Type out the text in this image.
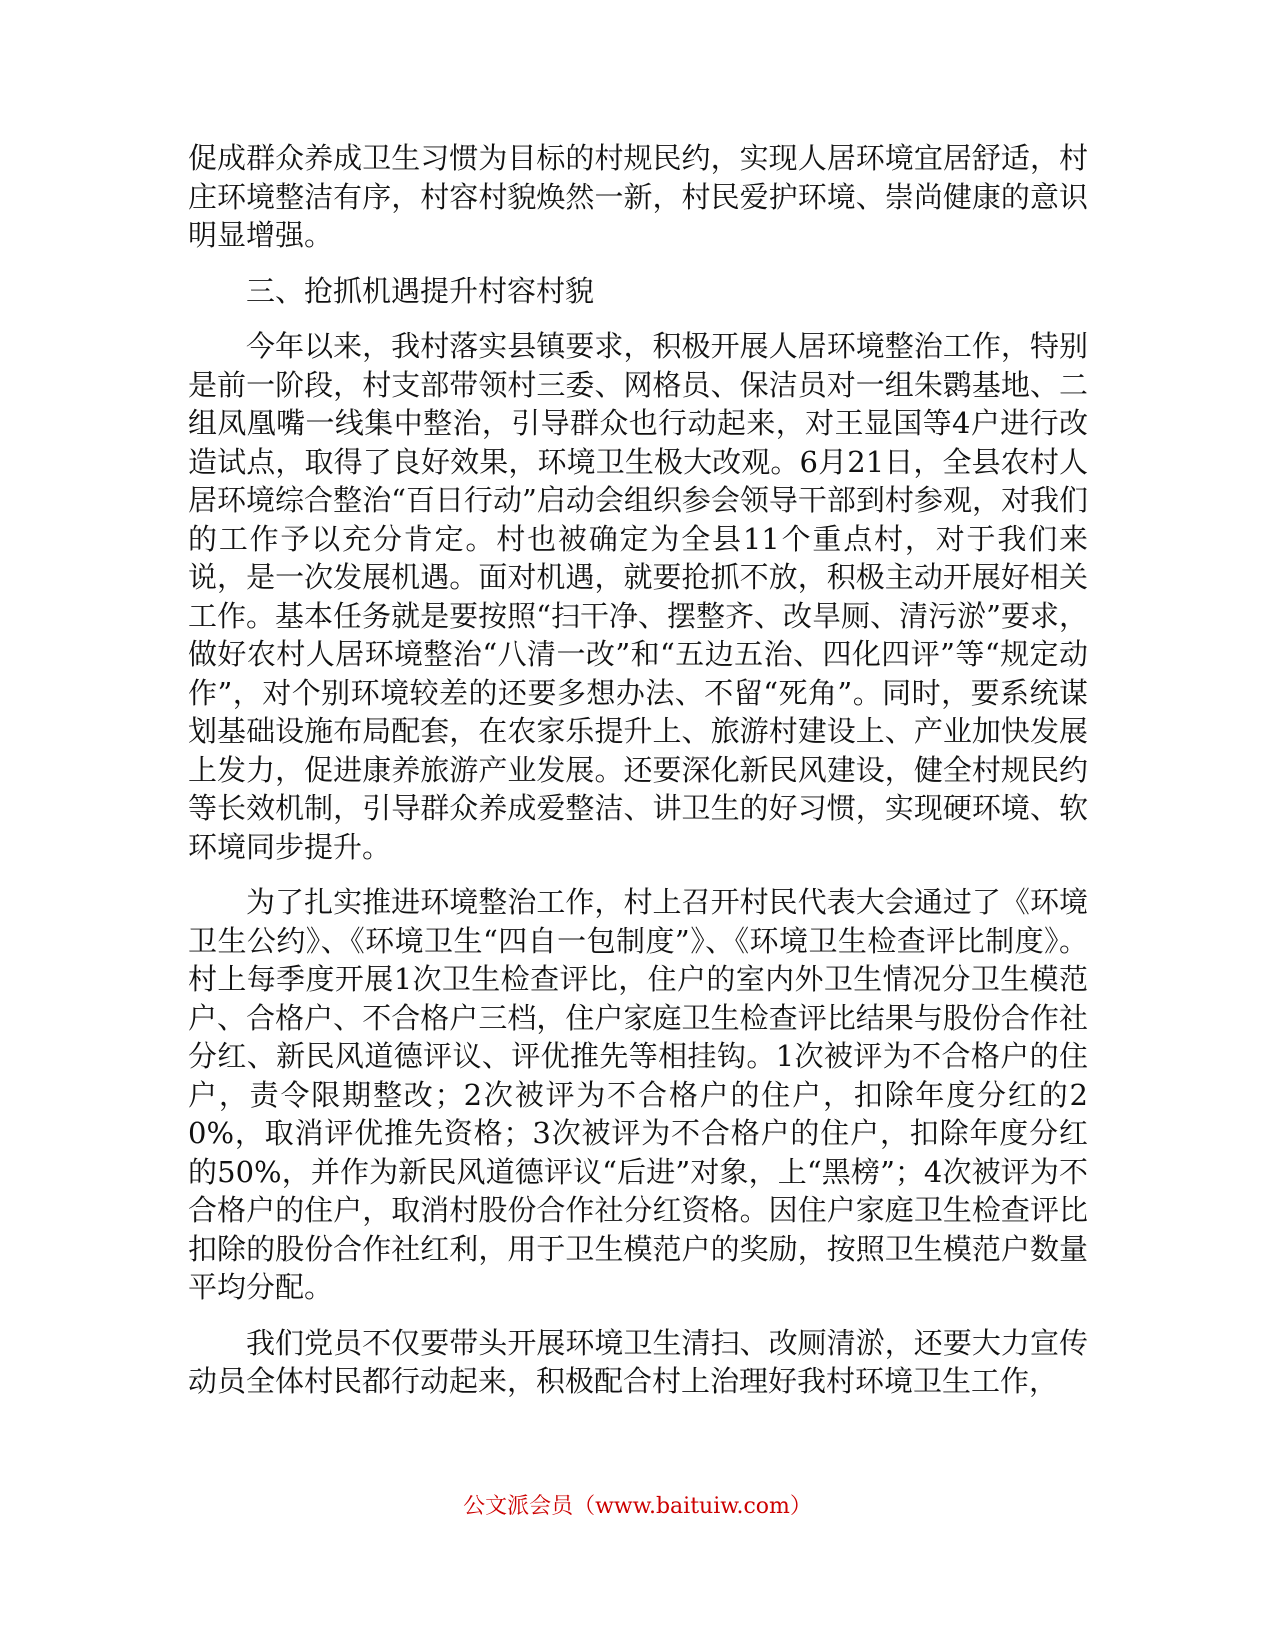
促成群众养成卫生习惯为目标的村规民约，实现人居环境宜居舒适，村庄环境整洁有序，村容村貌焕然一新，村民爱护环境、崇尚健康的意识明显增强。

三、抢抓机遇提升村容村貌

今年以来，我村落实县镇要求，积极开展人居环境整治工作，特别是前一阶段，村支部带领村三委、网格员、保洁员对一组朱鹮基地、二组凤凰嘴一线集中整治，引导群众也行动起来，对王显国等4户进行改造试点，取得了良好效果，环境卫生极大改观。6月21日，全县农村人居环境综合整治“百日行动”启动会组织参会领导干部到村参观，对我们的工作予以充分肯定。村也被确定为全县11个重点村，对于我们来说，是一次发展机遇。面对机遇，就要抢抓不放，积极主动开展好相关工作。基本任务就是要按照“扫干净、摆整齐、改旱厕、清污淤”要求，做好农村人居环境整治“八清一改”和“五边五治、四化四评”等“规定动作”，对个别环境较差的还要多想办法、不留“死角”。同时，要系统谋划基础设施布局配套，在农家乐提升上、旅游村建设上、产业加快发展上发力，促进康养旅游产业发展。还要深化新民风建设，健全村规民约等长效机制，引导群众养成爱整洁、讲卫生的好习惯，实现硬环境、软环境同步提升。

为了扎实推进环境整治工作，村上召开村民代表大会通过了《环境卫生公约》、《环境卫生“四自一包制度”》、《环境卫生检查评比制度》。村上每季度开展1次卫生检查评比，住户的室内外卫生情况分卫生模范户、合格户、不合格户三档，住户家庭卫生检查评比结果与股份合作社分红、新民风道德评议、评优推先等相挂钩。1次被评为不合格户的住户，责令限期整改；2次被评为不合格户的住户，扣除年度分红的20%，取消评优推先资格；3次被评为不合格户的住户，扣除年度分红的50%，并作为新民风道德评议“后进”对象，上“黑榜”；4次被评为不合格户的住户，取消村股份合作社分红资格。因住户家庭卫生检查评比扣除的股份合作社红利，用于卫生模范户的奖励，按照卫生模范户数量平均分配。

我们党员不仅要带头开展环境卫生清扫、改厕清淤，还要大力宣传动员全体村民都行动起来，积极配合村上治理好我村环境卫生工作，

公文派会员（www.baituiw.com）
